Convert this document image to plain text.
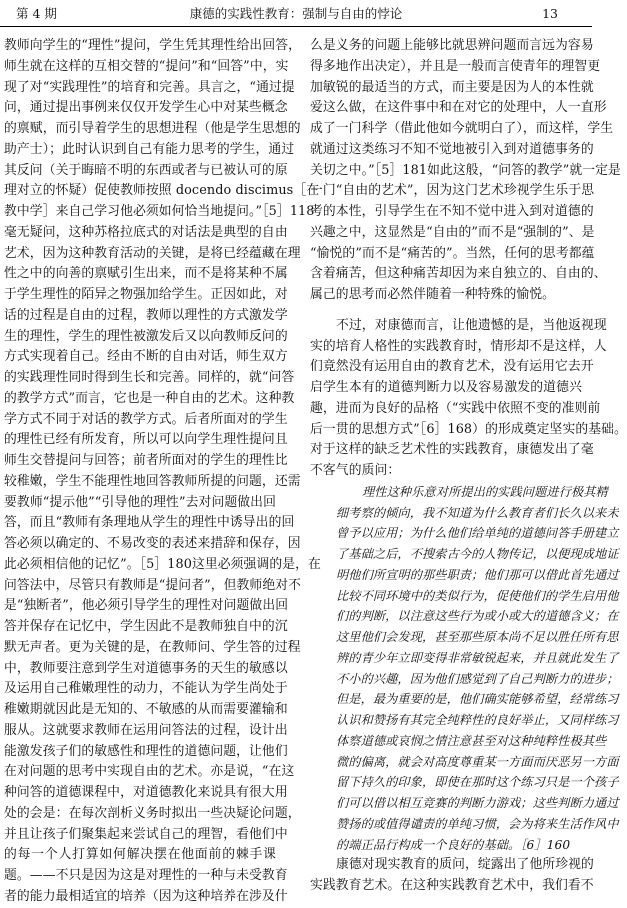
第 4 期	康德的实践性教育：强制与自由的悖论	13
教师向学生的“理性”提问，学生凭其理性给出回答，
师生就在这样的互相交替的“提问”和“回答”中，实
现了对“实践理性”的培育和完善。具言之，“通过提
问，通过提出事例来仅仅开发学生心中对某些概念
的禀赋，而引导着学生的思想进程（他是学生思想的
助产士）；此时认识到自己有能力思考的学生，通过
其反问（关于晦暗不明的东西或者与已被认可的原
理对立的怀疑）促使教师按照 docendo discimus［在
教中学］来自己学习他必须如何恰当地提问。”［5］118
毫无疑问，这种苏格拉底式的对话法是典型的自由
艺术，因为这种教育活动的关键，是将已经蕴藏在理
性之中的向善的禀赋引生出来，而不是将某种不属
于学生理性的陌异之物强加给学生。正因如此，对
话的过程是自由的过程，教师以理性的方式激发学
生的理性，学生的理性被激发后又以向教师反问的
方式实现着自己。经由不断的自由对话，师生双方
的实践理性同时得到生长和完善。同样的，就“问答
的教学方式”而言，它也是一种自由的艺术。这种教
学方式不同于对话的教学方式。后者所面对的学生
的理性已经有所发育，所以可以向学生理性提问且
师生交替提问与回答；前者所面对的学生的理性比
较稚嫩，学生不能理性地回答教师所提的问题，还需
要教师“提示他”“引导他的理性”去对问题做出回
答，而且“教师有条理地从学生的理性中诱导出的回
答必须以确定的、不易改变的表述来措辞和保存，因
此必须相信他的记忆”。［5］180这里必须强调的是，在
问答法中，尽管只有教师是“提问者”，但教师绝对不
是“独断者”，他必须引导学生的理性对问题做出回
答并保存在记忆中，学生因此不是教师独自中的沉
默无声者。更为关键的是，在教师问、学生答的过程
中，教师要注意到学生对道德事务的天生的敏感以
及运用自己稚嫩理性的动力，不能认为学生尚处于
稚嫩期就因此是无知的、不敏感的从而需要灌输和
服从。这就要求教师在运用问答法的过程，设计出
能激发孩子们的敏感性和理性的道德问题，让他们
在对问题的思考中实现自由的艺术。亦是说，“在这
种问答的道德课程中，对道德教化来说具有很大用
处的会是：在每次剖析义务时拟出一些决疑论问题，
并且让孩子们聚集起来尝试自己的理智，看他们中
的每一个人打算如何解决摆在他面前的棘手课
题。——不只是因为这是对理性的一种与未受教育
者的能力最相适宜的培养（因为这种培养在涉及什
么是义务的问题上能够比就思辨问题而言远为容易
得多地作出决定），并且是一般而言使青年的理智更
加敏锐的最适当的方式，而主要是因为人的本性就
爱这么做，在这件事中和在对它的处理中，人一直形
成了一门科学（借此他如今就明白了），而这样，学生
就通过这类练习不知不觉地被引入到对道德事务的
关切之中。”［5］181如此这般，“问答的教学”就一定是
一门“自由的艺术”，因为这门艺术珍视学生乐于思
考的本性，引导学生在不知不觉中进入到对道德的
兴趣之中，这显然是“自由的”而不是“强制的”、是
“愉悦的”而不是“痛苦的”。当然，任何的思考都蕴
含着痛苦，但这种痛苦却因为来自独立的、自由的、
属己的思考而必然伴随着一种特殊的愉悦。
不过，对康德而言，让他遗憾的是，当他返视现
实的培育人格性的实践教育时，情形却不是这样，人
们竟然没有运用自由的教育艺术，没有运用它去开
启学生本有的道德判断力以及容易激发的道德兴
趣，进而为良好的品格（“实践中依照不变的准则前
后一贯的思想方式”［6］168）的形成奠定坚实的基础。
对于这样的缺乏艺术性的实践教育，康德发出了毫
不客气的质问：
理性这种乐意对所提出的实践问题进行极其精
细考察的倾向，我不知道为什么教育者们长久以来未
曾予以应用；为什么他们给单纯的道德问答手册建立
了基础之后，不搜索古今的人物传记，以便现成地证
明他们所宣明的那些职责；他们那可以借此首先通过
比较不同环境中的类似行为，促使他们的学生启用他
们的判断，以注意这些行为或小或大的道德含义；在
这里他们会发现，甚至那些原本尚不足以胜任所有思
辨的青少年立即变得非常敏锐起来，并且就此发生了
不小的兴趣，因为他们感觉到了自己判断力的进步；
但是，最为重要的是，他们确实能够希望，经常练习
认识和赞扬有其完全纯粹性的良好举止，又同样练习
体察道德或哀悯之情注意甚至对这种纯粹性极其些
微的偏离，就会对高度尊重某一方面而厌恶另一方面
留下持久的印象，即使在那时这个练习只是一个孩子
们可以借以相互竞赛的判断力游戏；这些判断力通过
赞扬的或值得谴责的单纯习惯，会为将来生活作风中
的端正品行构成一个良好的基础。［6］160
康德对现实教育的质问，绽露出了他所珍视的
实践教育艺术。在这种实践教育艺术中，我们看不
